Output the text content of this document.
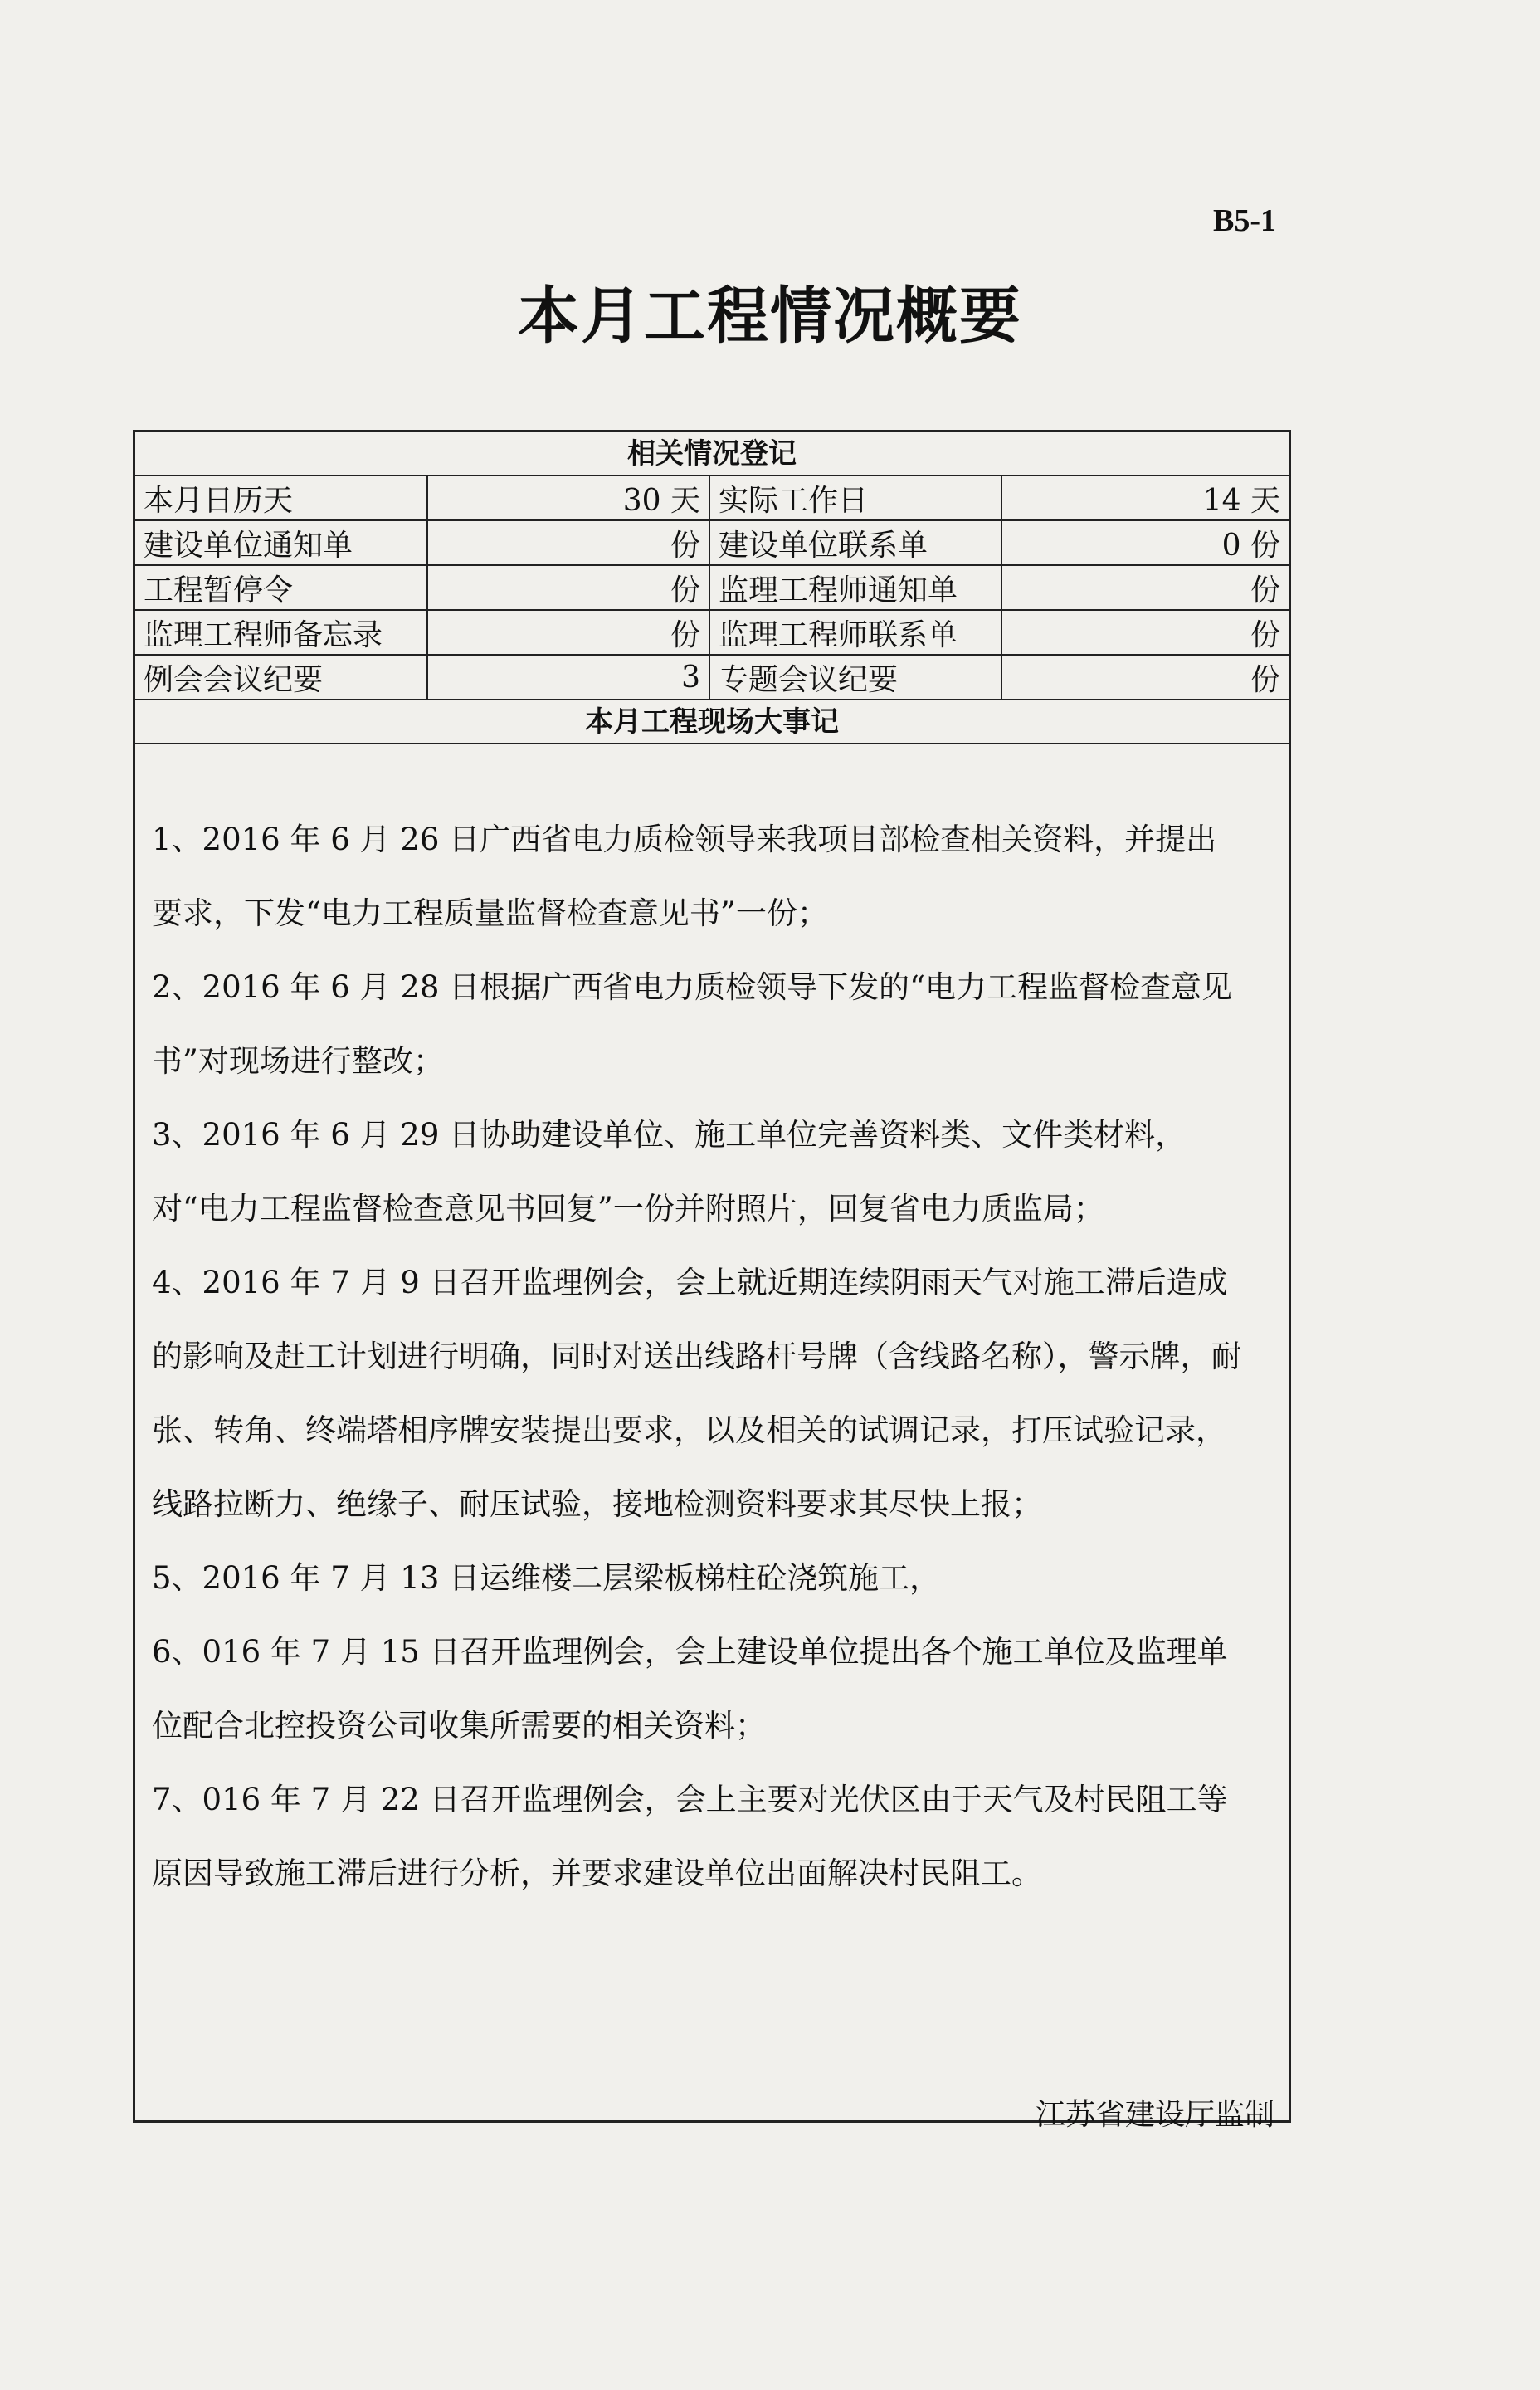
B5-1
本月工程情况概要
相关情况登记
本月日历天	30 天	实际工作日	14 天
建设单位通知单	份	建设单位联系单	0 份
工程暂停令	份	监理工程师通知单	份
监理工程师备忘录	份	监理工程师联系单	份
例会会议纪要	3	专题会议纪要	份
本月工程现场大事记

1、2016 年 6 月 26 日广西省电力质检领导来我项目部检查相关资料，并提出要求，下发“电力工程质量监督检查意见书”一份；

2、2016 年 6 月 28 日根据广西省电力质检领导下发的“电力工程监督检查意见书”对现场进行整改；

3、2016 年 6 月 29 日协助建设单位、施工单位完善资料类、文件类材料，对“电力工程监督检查意见书回复”一份并附照片，回复省电力质监局；

4、2016 年 7 月 9 日召开监理例会，会上就近期连续阴雨天气对施工滞后造成的影响及赶工计划进行明确，同时对送出线路杆号牌（含线路名称），警示牌，耐张、转角、终端塔相序牌安装提出要求，以及相关的试调记录，打压试验记录，线路拉断力、绝缘子、耐压试验，接地检测资料要求其尽快上报；

5、2016 年 7 月 13 日运维楼二层梁板梯柱砼浇筑施工，

6、016 年 7 月 15 日召开监理例会，会上建设单位提出各个施工单位及监理单位配合北控投资公司收集所需要的相关资料；

7、016 年 7 月 22 日召开监理例会，会上主要对光伏区由于天气及村民阻工等原因导致施工滞后进行分析，并要求建设单位出面解决村民阻工。

江苏省建设厅监制
